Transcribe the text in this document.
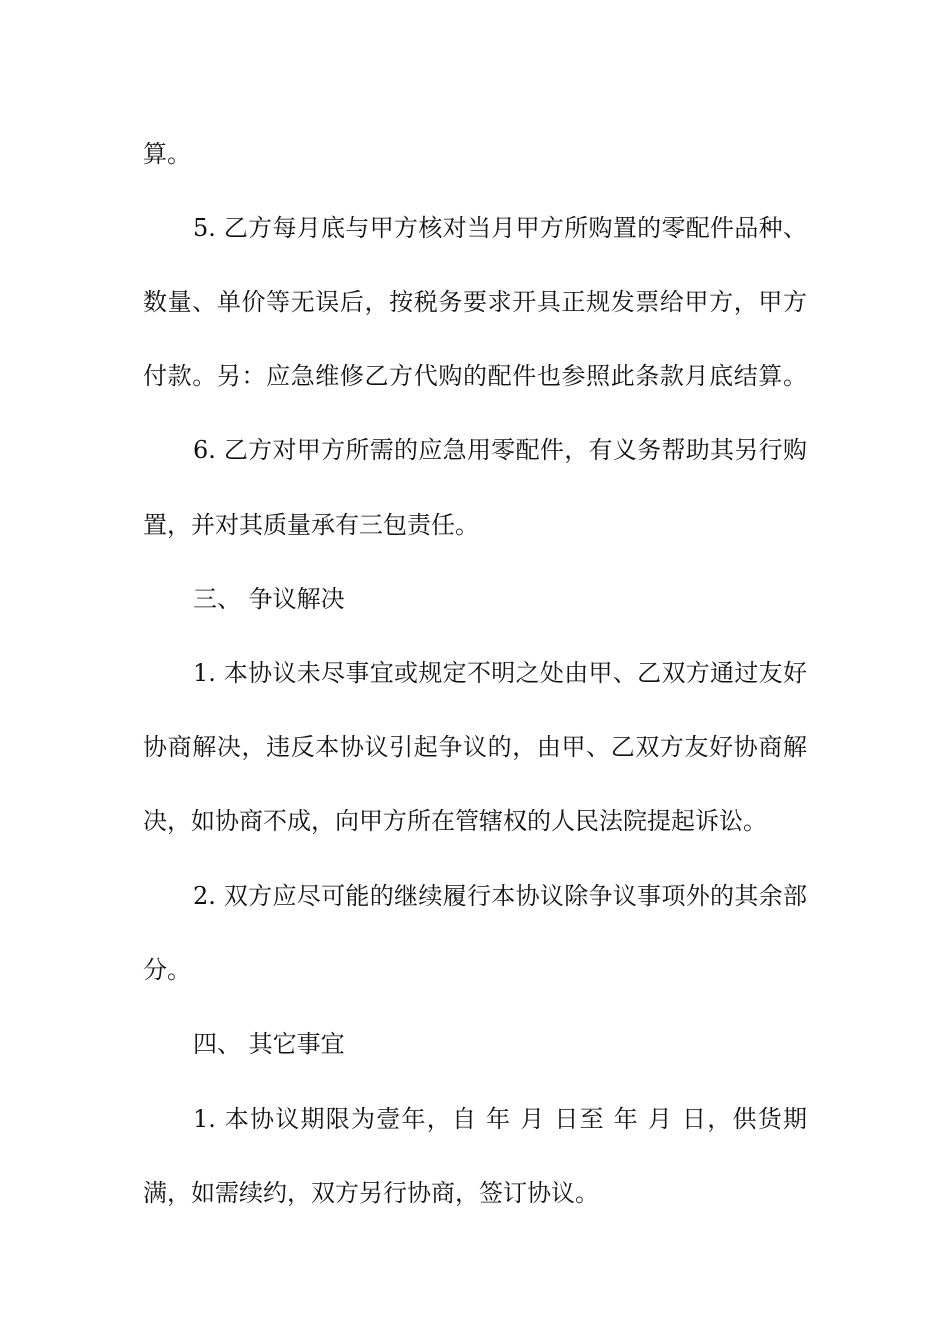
算。
5. 乙方每月底与甲方核对当月甲方所购置的零配件品种、
数量、单价等无误后，按税务要求开具正规发票给甲方，甲方
付款。另：应急维修乙方代购的配件也参照此条款月底结算。
6. 乙方对甲方所需的应急用零配件，有义务帮助其另行购
置，并对其质量承有三包责任。
三、 争议解决
1. 本协议未尽事宜或规定不明之处由甲、乙双方通过友好
协商解决，违反本协议引起争议的，由甲、乙双方友好协商解
决，如协商不成，向甲方所在管辖权的人民法院提起诉讼。
2. 双方应尽可能的继续履行本协议除争议事项外的其余部
分。
四、 其它事宜
1. 本协议期限为壹年，自 年 月 日至 年 月 日，供货期
满，如需续约，双方另行协商，签订协议。
